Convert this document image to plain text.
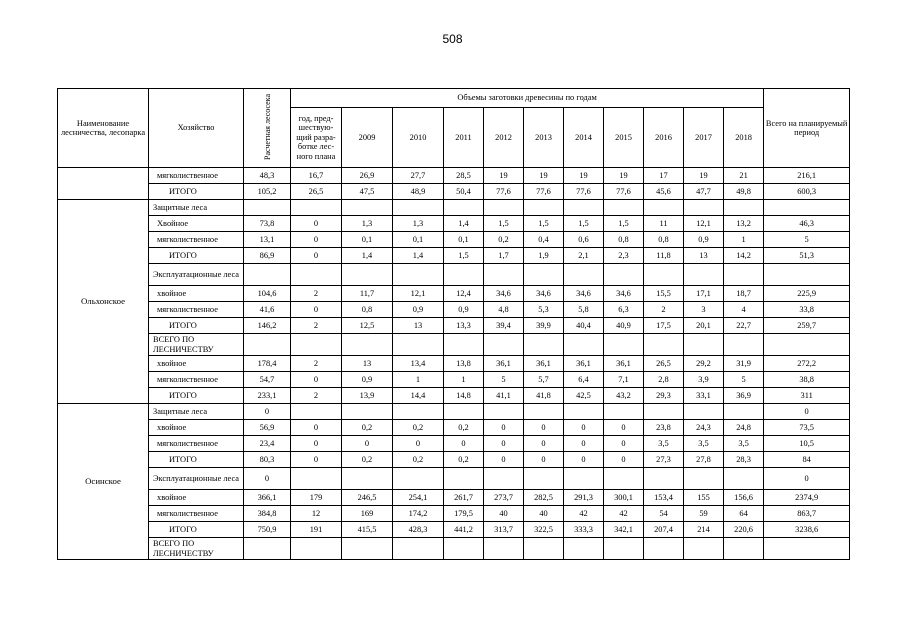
508
Наименование лесничества, лесопарка	Хозяйство	Расчетная лесосека	Объемы заготовки древесины по годам											Всего на планируемый период
			год, пред-шествую-щий разра-ботке лес-ного плана	2009	2010	2011	2012	2013	2014	2015	2016	2017	2018	
	мягколиственное	48,3	16,7	26,9	27,7	28,5	19	19	19	19	17	19	21	216,1
	ИТОГО	105,2	26,5	47,5	48,9	50,4	77,6	77,6	77,6	77,6	45,6	47,7	49,8	600,3
Ольхонское	Защитные леса													
	Хвойное	73,8	0	1,3	1,3	1,4	1,5	1,5	1,5	1,5	11	12,1	13,2	46,3
	мягколиственное	13,1	0	0,1	0,1	0,1	0,2	0,4	0,6	0,8	0,8	0,9	1	5
	ИТОГО	86,9	0	1,4	1,4	1,5	1,7	1,9	2,1	2,3	11,8	13	14,2	51,3
	Эксплуатационные леса													
	хвойное	104,6	2	11,7	12,1	12,4	34,6	34,6	34,6	34,6	15,5	17,1	18,7	225,9
	мягколиственное	41,6	0	0,8	0,9	0,9	4,8	5,3	5,8	6,3	2	3	4	33,8
	ИТОГО	146,2	2	12,5	13	13,3	39,4	39,9	40,4	40,9	17,5	20,1	22,7	259,7
	ВСЕГО ПО ЛЕСНИЧЕСТВУ													
	хвойное	178,4	2	13	13,4	13,8	36,1	36,1	36,1	36,1	26,5	29,2	31,9	272,2
	мягколиственное	54,7	0	0,9	1	1	5	5,7	6,4	7,1	2,8	3,9	5	38,8
	ИТОГО	233,1	2	13,9	14,4	14,8	41,1	41,8	42,5	43,2	29,3	33,1	36,9	311
Осинское	Защитные леса	0												0
	хвойное	56,9	0	0,2	0,2	0,2	0	0	0	0	23,8	24,3	24,8	73,5
	мягколиственное	23,4	0	0	0	0	0	0	0	0	3,5	3,5	3,5	10,5
	ИТОГО	80,3	0	0,2	0,2	0,2	0	0	0	0	27,3	27,8	28,3	84
	Эксплуатационные леса	0												0
	хвойное	366,1	179	246,5	254,1	261,7	273,7	282,5	291,3	300,1	153,4	155	156,6	2374,9
	мягколиственное	384,8	12	169	174,2	179,5	40	40	42	42	54	59	64	863,7
	ИТОГО	750,9	191	415,5	428,3	441,2	313,7	322,5	333,3	342,1	207,4	214	220,6	3238,6
	ВСЕГО ПО ЛЕСНИЧЕСТВУ													
